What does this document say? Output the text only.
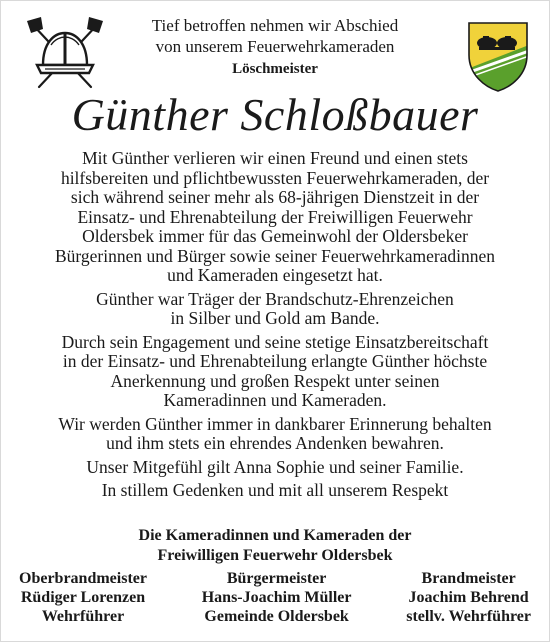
Tief betroffen nehmen wir Abschied
von unserem Feuerwehrkameraden
Löschmeister
Günther Schloßbauer

Mit Günther verlieren wir einen Freund und einen stets
hilfsbereiten und pflichtbewussten Feuerwehrkameraden, der
sich während seiner mehr als 68-jährigen Dienstzeit in der
Einsatz- und Ehrenabteilung der Freiwilligen Feuerwehr
Oldersbek immer für das Gemeinwohl der Oldersbeker
Bürgerinnen und Bürger sowie seiner Feuerwehrkameradinnen
und Kameraden eingesetzt hat.

Günther war Träger der Brandschutz-Ehrenzeichen
in Silber und Gold am Bande.

Durch sein Engagement und seine stetige Einsatzbereitschaft
in der Einsatz- und Ehrenabteilung erlangte Günther höchste
Anerkennung und großen Respekt unter seinen
Kameradinnen und Kameraden.

Wir werden Günther immer in dankbarer Erinnerung behalten
und ihm stets ein ehrendes Andenken bewahren.

Unser Mitgefühl gilt Anna Sophie und seiner Familie.

In stillem Gedenken und mit all unserem Respekt

Die Kameradinnen und Kameraden der
Freiwilligen Feuerwehr Oldersbek
Oberbrandmeister
Rüdiger Lorenzen
Wehrführer
Bürgermeister
Hans-Joachim Müller
Gemeinde Oldersbek
Brandmeister
Joachim Behrend
stellv. Wehrführer
